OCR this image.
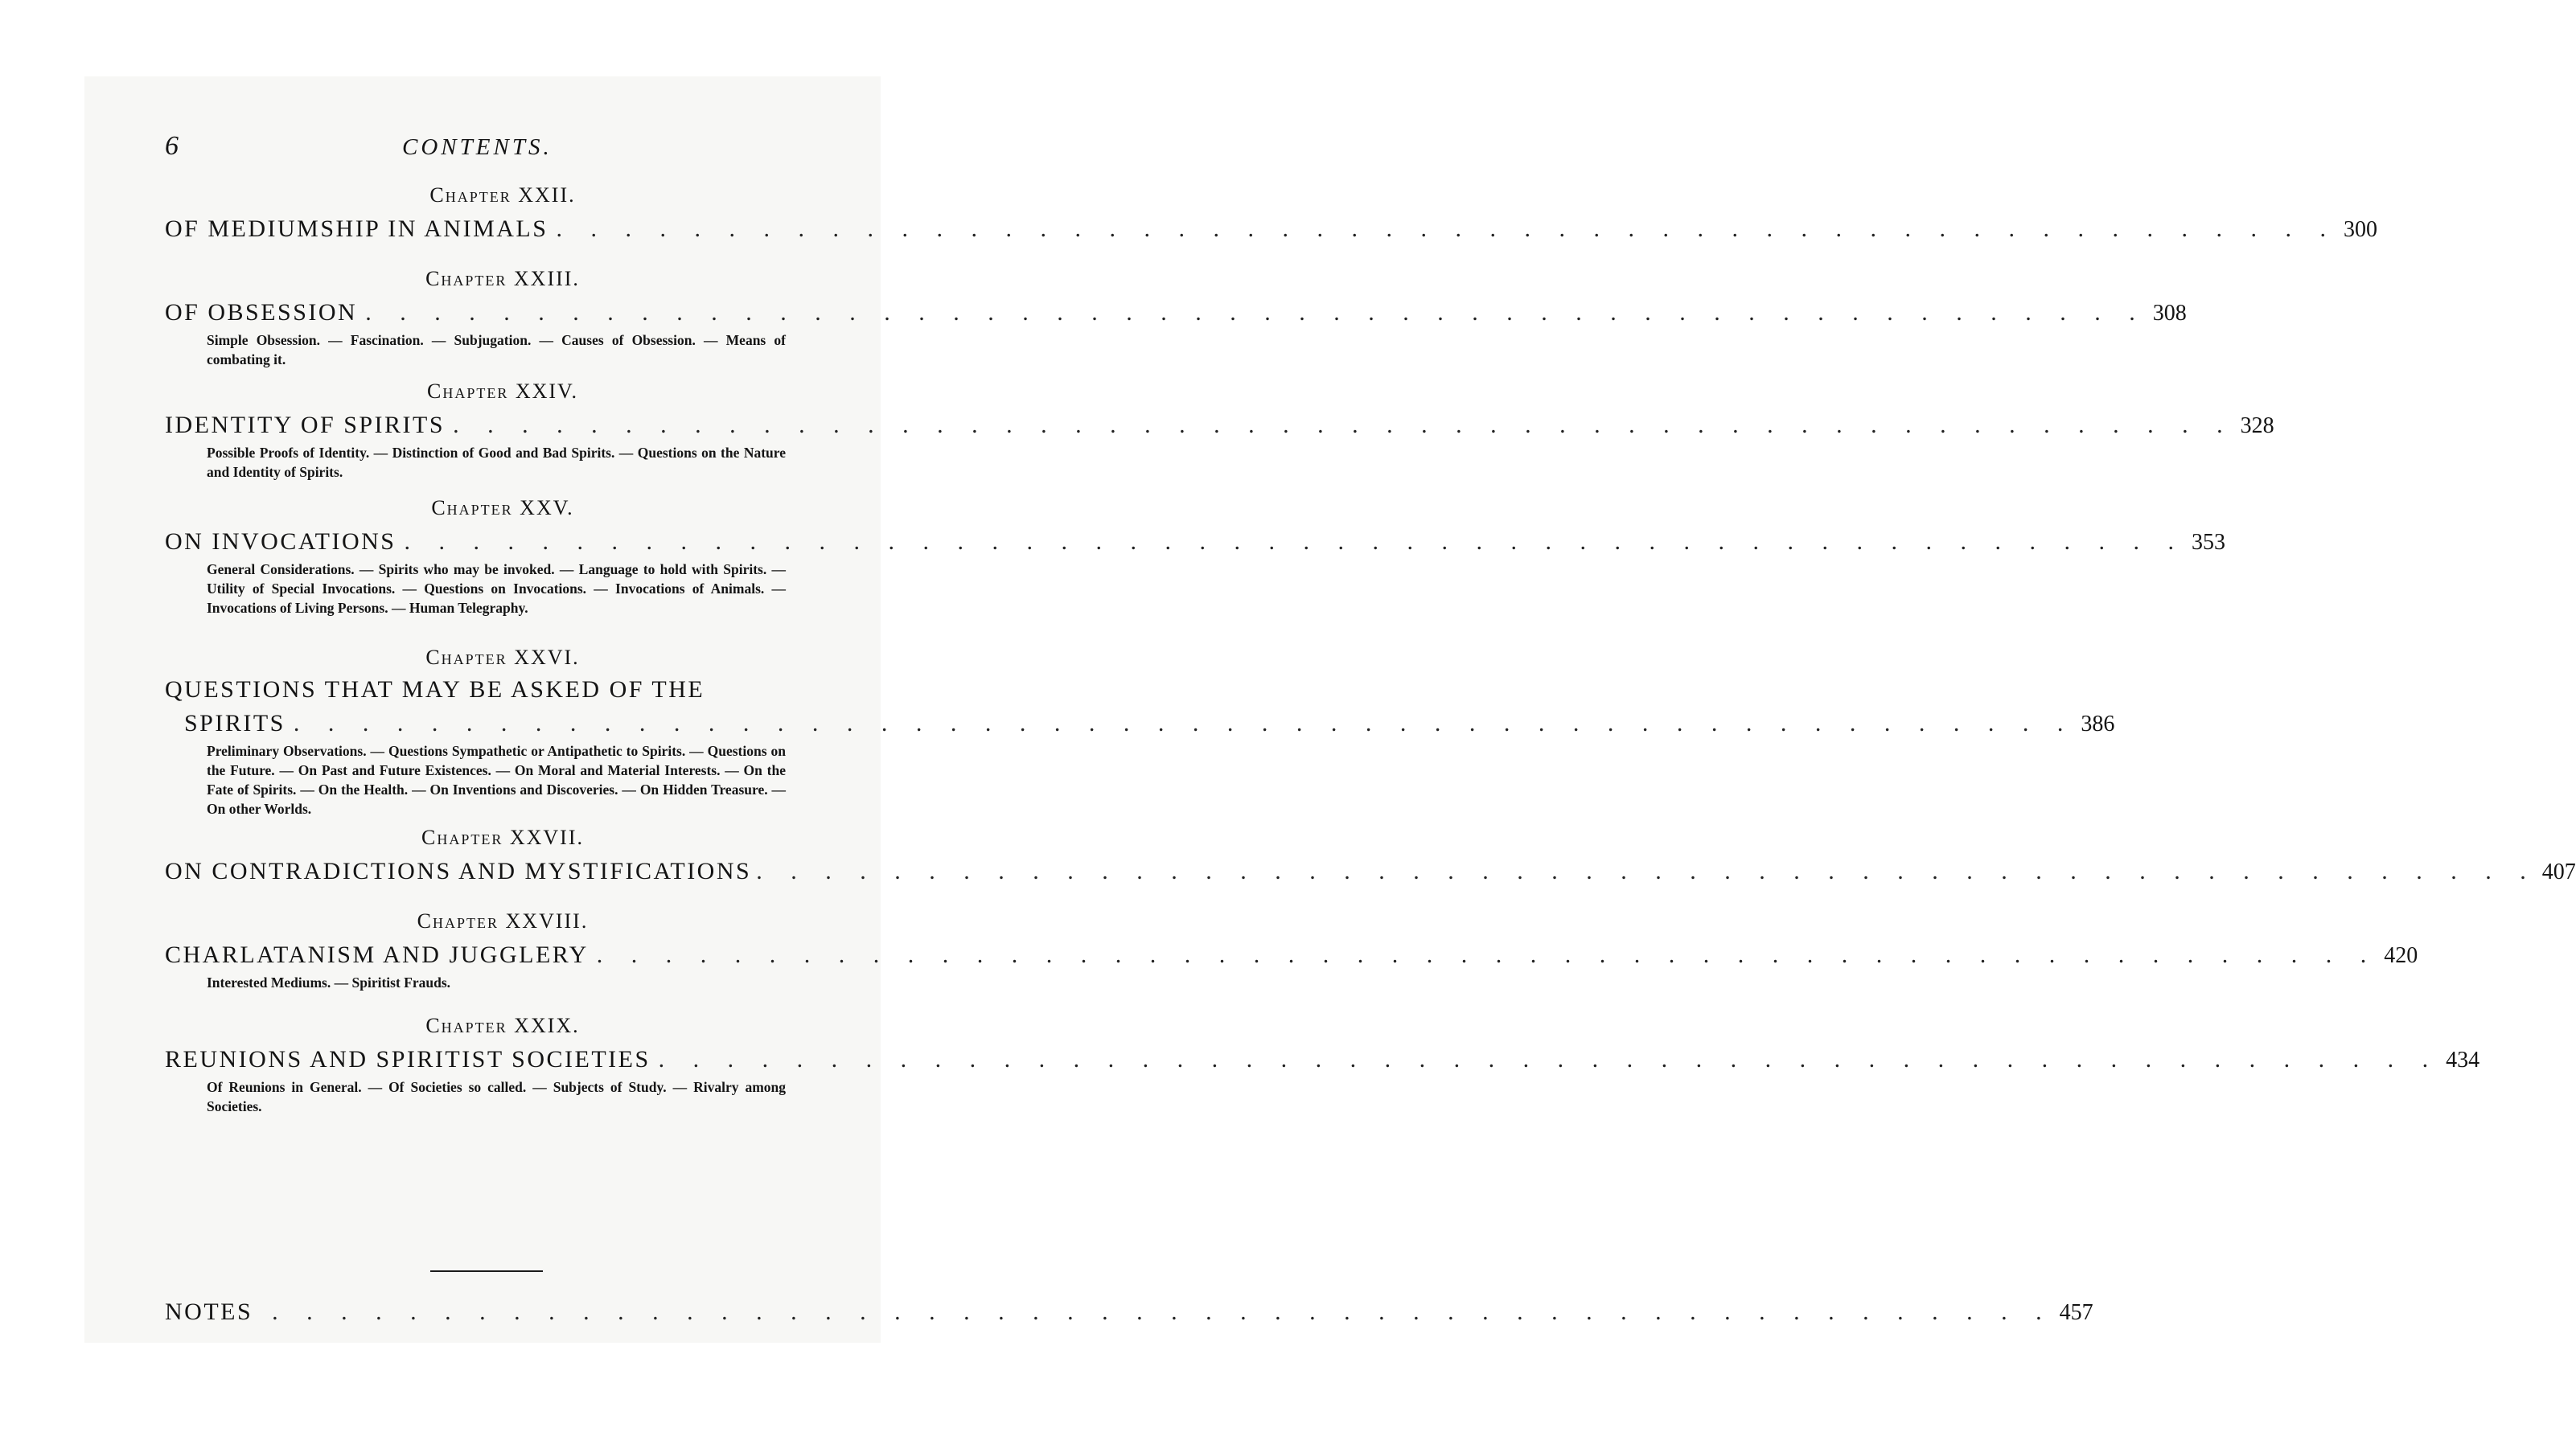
6	CONTENTS.
Chapter XXII.
OF MEDIUMSHIP IN ANIMALS . . . . . . . . . . . . . . . . . . . . . . . . . . . . . . . . . . . . . . . . . . . . . . . . . . . . 300
Chapter XXIII.
OF OBSESSION . . . . . . . . . . . . . . . . . . . . . . . . . . . . . . . . . . . . . . . . . . . . . . . . . . . . 308
Simple Obsession. — Fascination. — Subjugation. — Causes of Obsession. — Means of combating it.
Chapter XXIV.
IDENTITY OF SPIRITS . . . . . . . . . . . . . . . . . . . . . . . . . . . . . . . . . . . . . . . . . . . . . . . . . . . . 328
Possible Proofs of Identity. — Distinction of Good and Bad Spirits. — Questions on the Nature and Identity of Spirits.
Chapter XXV.
ON INVOCATIONS . . . . . . . . . . . . . . . . . . . . . . . . . . . . . . . . . . . . . . . . . . . . . . . . . . . . 353
General Considerations. — Spirits who may be invoked. — Language to hold with Spirits. — Utility of Special Invocations. — Questions on Invocations. — Invocations of Animals. — Invocations of Living Persons. — Human Telegraphy.
Chapter XXVI.
QUESTIONS THAT MAY BE ASKED OF THE
SPIRITS . . . . . . . . . . . . . . . . . . . . . . . . . . . . . . . . . . . . . . . . . . . . . . . . . . . . 386
Preliminary Observations. — Questions Sympathetic or Antipathetic to Spirits. — Questions on the Future. — On Past and Future Existences. — On Moral and Material Interests. — On the Fate of Spirits. — On the Health. — On Inventions and Discoveries. — On Hidden Treasure. — On other Worlds.
Chapter XXVII.
ON CONTRADICTIONS AND MYSTIFICATIONS . . . . . . . . . . . . . . . . . . . . . . . . . . . . . . . . . . . . . . . . . . . . . . . . . . . . 407
Chapter XXVIII.
CHARLATANISM AND JUGGLERY . . . . . . . . . . . . . . . . . . . . . . . . . . . . . . . . . . . . . . . . . . . . . . . . . . . . 420
Interested Mediums. — Spiritist Frauds.
Chapter XXIX.
REUNIONS AND SPIRITIST SOCIETIES . . . . . . . . . . . . . . . . . . . . . . . . . . . . . . . . . . . . . . . . . . . . . . . . . . . . 434
Of Reunions in General. — Of Societies so called. — Subjects of Study. — Rivalry among Societies.
NOTES . . . . . . . . . . . . . . . . . . . . . . . . . . . . . . . . . . . . . . . . . . . . . . . . . . . . 457
